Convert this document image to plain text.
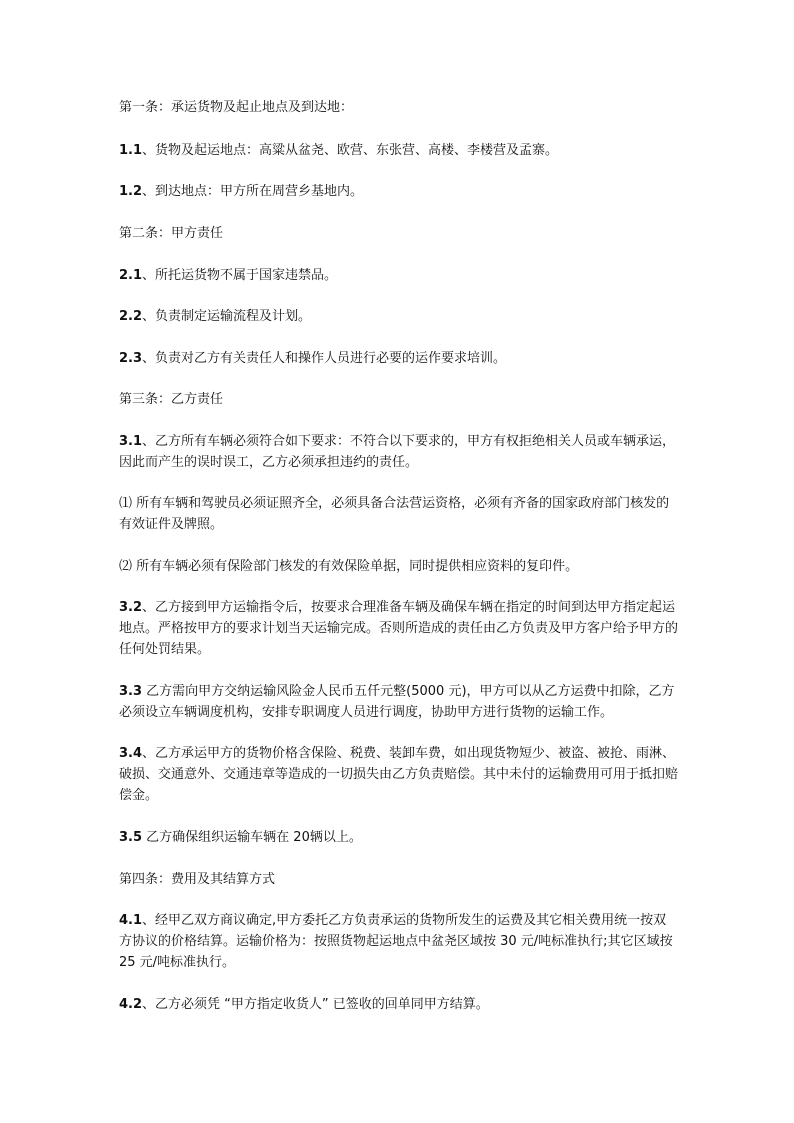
第一条：承运货物及起止地点及到达地：

1.1、货物及起运地点：高粱从盆尧、欧营、东张营、高楼、李楼营及孟寨。

1.2、到达地点：甲方所在周营乡基地内。

第二条：甲方责任

2.1、所托运货物不属于国家违禁品。

2.2、负责制定运输流程及计划。

2.3、负责对乙方有关责任人和操作人员进行必要的运作要求培训。

第三条：乙方责任

3.1、乙方所有车辆必须符合如下要求：不符合以下要求的，甲方有权拒绝相关人员或车辆承运，因此而产生的误时误工，乙方必须承担违约的责任。

⑴ 所有车辆和驾驶员必须证照齐全，必须具备合法营运资格，必须有齐备的国家政府部门核发的有效证件及牌照。

⑵ 所有车辆必须有保险部门核发的有效保险单据，同时提供相应资料的复印件。

3.2、乙方接到甲方运输指令后，按要求合理准备车辆及确保车辆在指定的时间到达甲方指定起运地点。严格按甲方的要求计划当天运输完成。否则所造成的责任由乙方负责及甲方客户给予甲方的任何处罚结果。

3.3 乙方需向甲方交纳运输风险金人民币五仟元整(5000 元)，甲方可以从乙方运费中扣除，乙方必须设立车辆调度机构，安排专职调度人员进行调度，协助甲方进行货物的运输工作。

3.4、乙方承运甲方的货物价格含保险、税费、装卸车费，如出现货物短少、被盗、被抢、雨淋、破损、交通意外、交通违章等造成的一切损失由乙方负责赔偿。其中未付的运输费用可用于抵扣赔偿金。

3.5 乙方确保组织运输车辆在 20辆以上。

第四条：费用及其结算方式

4.1、经甲乙双方商议确定,甲方委托乙方负责承运的货物所发生的运费及其它相关费用统一按双方协议的价格结算。运输价格为：按照货物起运地点中盆尧区域按 30 元/吨标准执行;其它区域按 25 元/吨标准执行。

4.2、乙方必须凭 “甲方指定收货人” 已签收的回单同甲方结算。
